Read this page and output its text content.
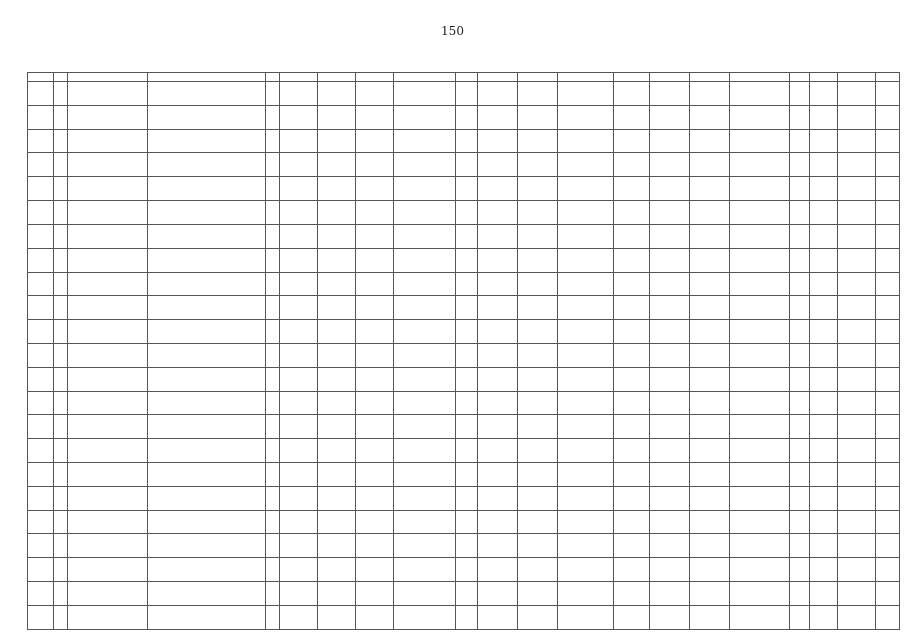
150
